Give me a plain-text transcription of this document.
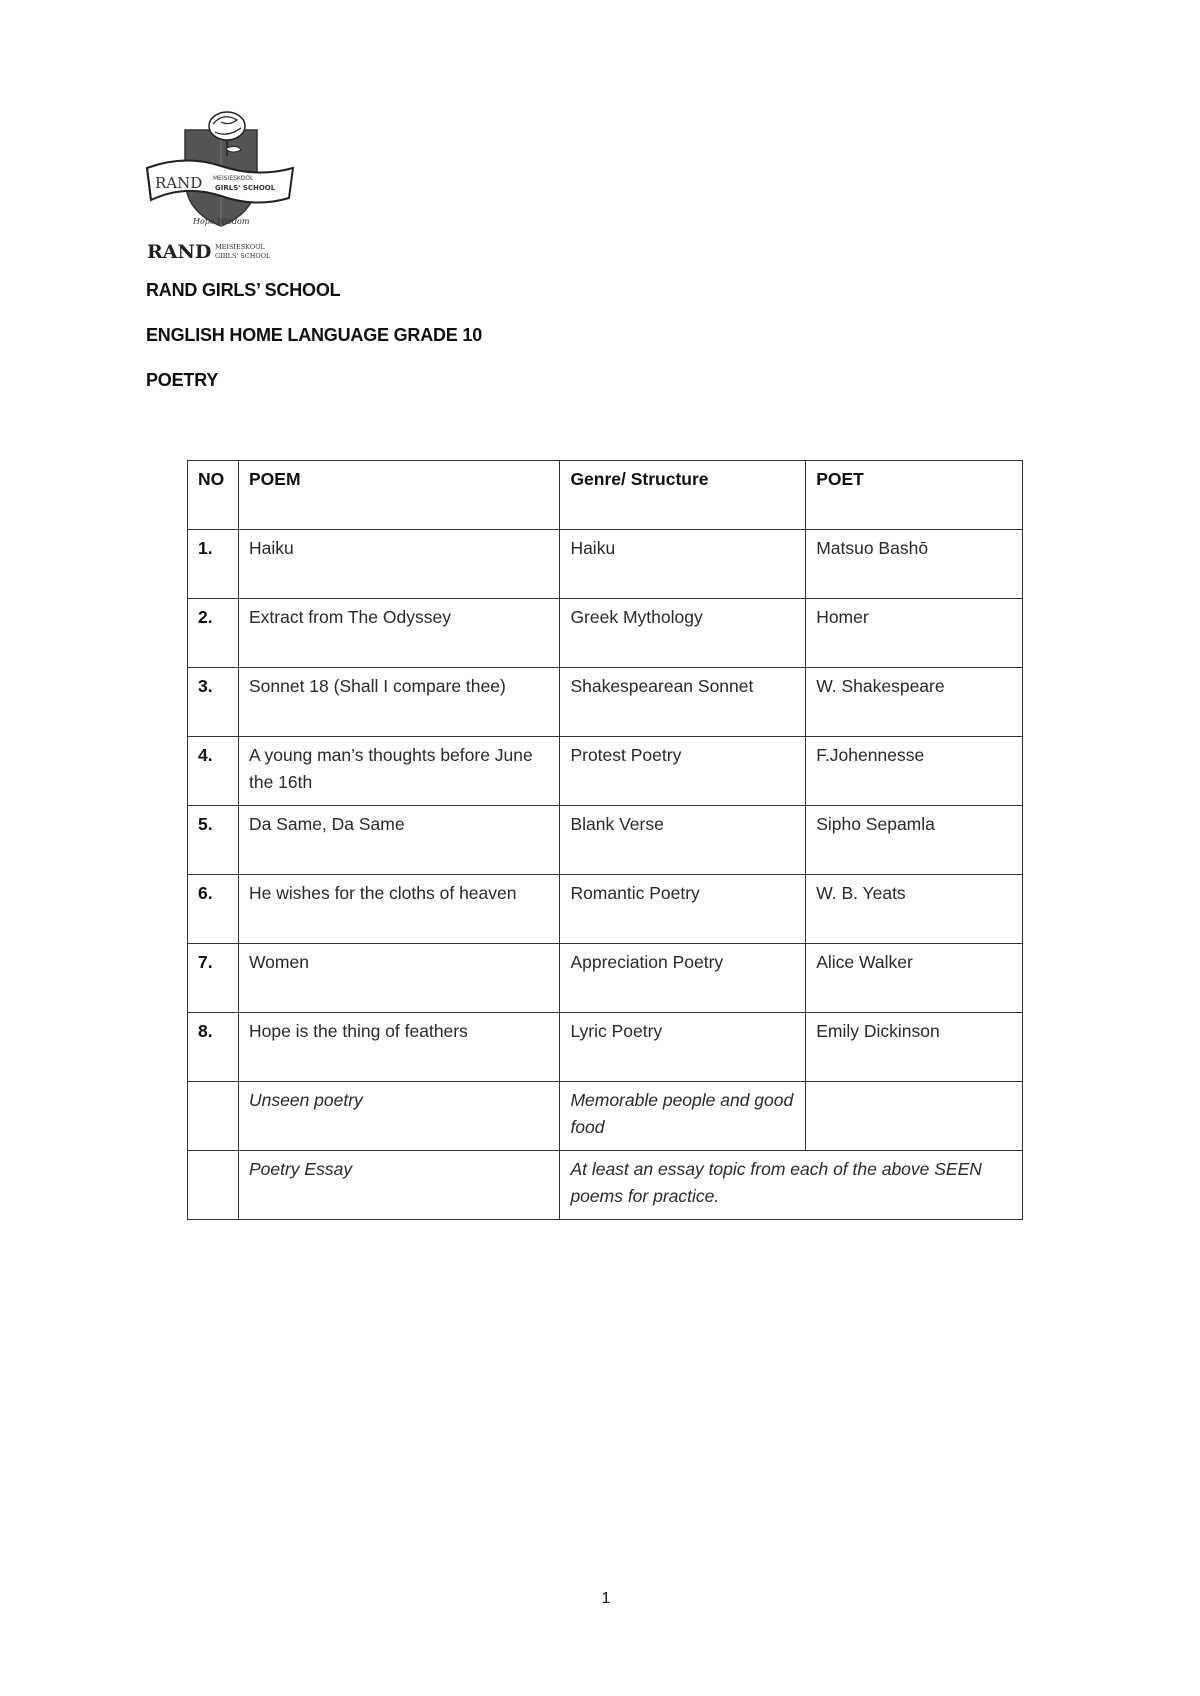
RAND MEISIESKOOL
GIRLS' SCHOOL
Hope Wisdom
RAND MEISIESKOOL
GIRLS' SCHOOL
RAND GIRLS’ SCHOOL
ENGLISH HOME LANGUAGE GRADE 10
POETRY
NO	POEM	Genre/ Structure	POET
1.	Haiku	Haiku	Matsuo Bashō
2.	Extract from The Odyssey	Greek Mythology	Homer
3.	Sonnet 18 (Shall I compare thee)	Shakespearean Sonnet	W. Shakespeare
4.	A young man’s thoughts before June the 16th	Protest Poetry	F.Johennesse
5.	Da Same, Da Same	Blank Verse	Sipho Sepamla
6.	He wishes for the cloths of heaven	Romantic Poetry	W. B. Yeats
7.	Women	Appreciation Poetry	Alice Walker
8.	Hope is the thing of feathers	Lyric Poetry	Emily Dickinson
	Unseen poetry	Memorable people and good food	
	Poetry Essay	At least an essay topic from each of the above SEEN poems for practice.	
1
